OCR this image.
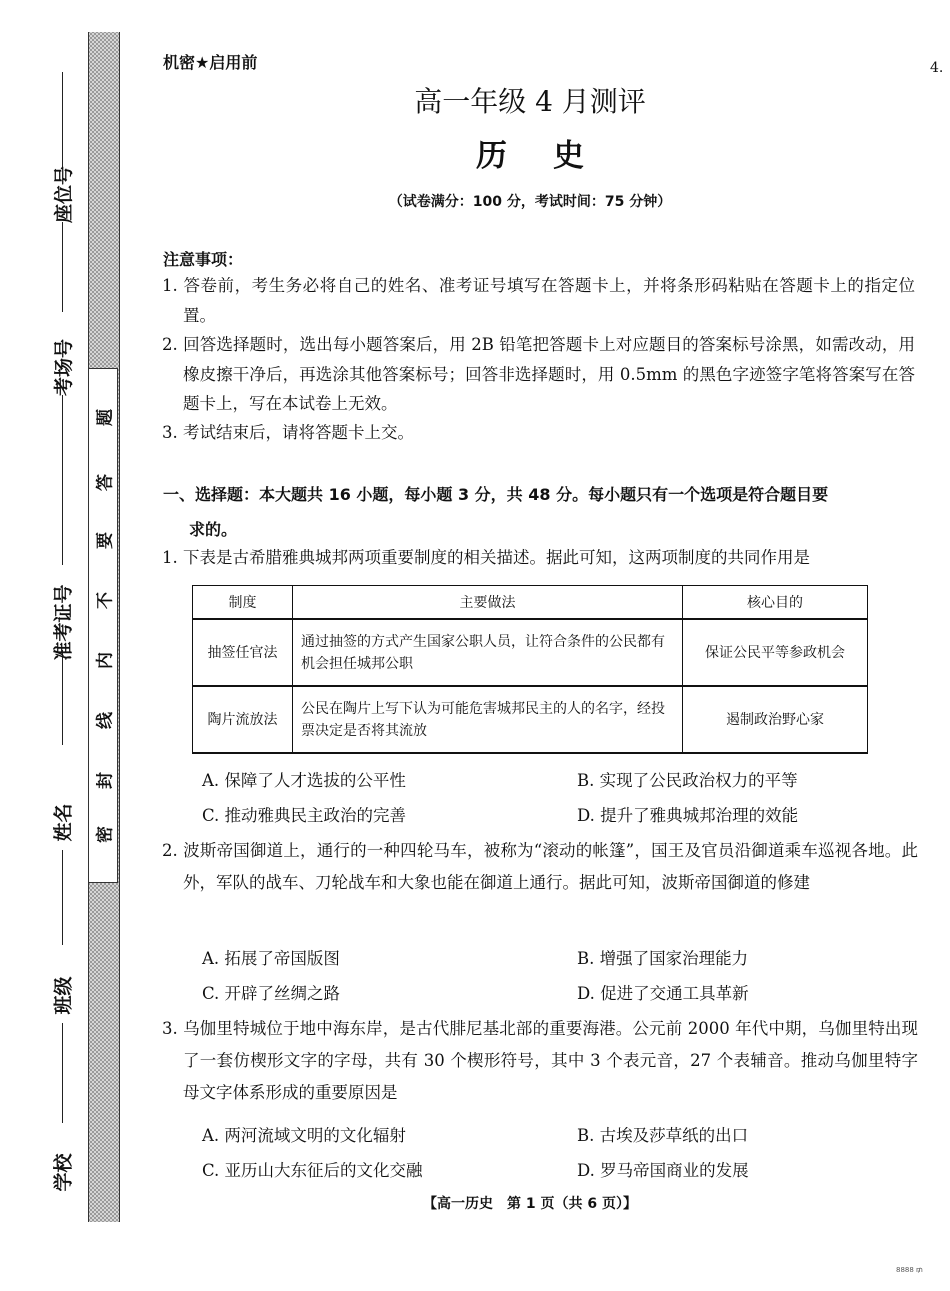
题
答
要
不
内
线
封
密
座位号
考场号
准考证号
姓名
班级
学校
机密★启用前	4.
高一年级 4 月测评
历史
（试卷满分：100 分，考试时间：75 分钟）
注意事项：
1. 答卷前，考生务必将自己的姓名、准考证号填写在答题卡上，并将条形码粘贴在答题卡上的指定位置。
2. 回答选择题时，选出每小题答案后，用 2B 铅笔把答题卡上对应题目的答案标号涂黑，如需改动，用橡皮擦干净后，再选涂其他答案标号；回答非选择题时，用 0.5mm 的黑色字迹签字笔将答案写在答题卡上，写在本试卷上无效。
3. 考试结束后，请将答题卡上交。
一、选择题：本大题共 16 小题，每小题 3 分，共 48 分。每小题只有一个选项是符合题目要
求的。
1. 下表是古希腊雅典城邦两项重要制度的相关描述。据此可知，这两项制度的共同作用是
制度	主要做法	核心目的
抽签任官法	通过抽签的方式产生国家公职人员，让符合条件的公民都有机会担任城邦公职	保证公民平等参政机会
陶片流放法	公民在陶片上写下认为可能危害城邦民主的人的名字，经投票决定是否将其流放	遏制政治野心家
A. 保障了人才选拔的公平性	B. 实现了公民政治权力的平等
C. 推动雅典民主政治的完善	D. 提升了雅典城邦治理的效能
2. 波斯帝国御道上，通行的一种四轮马车，被称为“滚动的帐篷”，国王及官员沿御道乘车巡视各地。此外，军队的战车、刀轮战车和大象也能在御道上通行。据此可知，波斯帝国御道的修建
A. 拓展了帝国版图	B. 增强了国家治理能力
C. 开辟了丝绸之路	D. 促进了交通工具革新
3. 乌伽里特城位于地中海东岸，是古代腓尼基北部的重要海港。公元前 2000 年代中期，乌伽里特出现了一套仿楔形文字的字母，共有 30 个楔形符号，其中 3 个表元音，27 个表辅音。推动乌伽里特字母文字体系形成的重要原因是
A. 两河流域文明的文化辐射	B. 古埃及莎草纸的出口
C. 亚历山大东征后的文化交融	D. 罗马帝国商业的发展
【高一历史　第 1 页（共 6 页）】
8888 ₥
